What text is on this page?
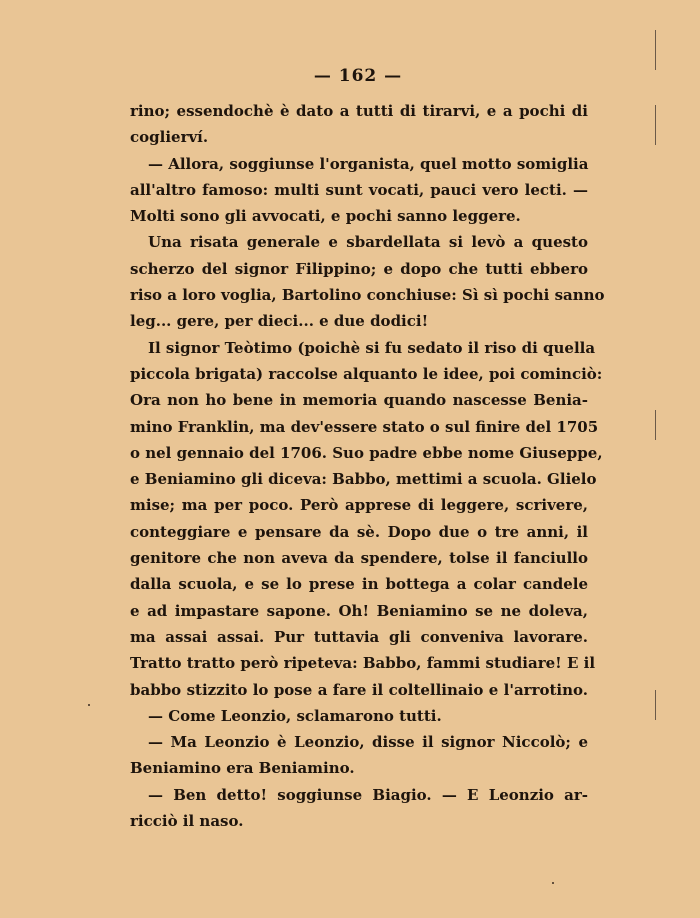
— 162 —
rino; essendochè è dato a tutti di tirarvi, e a pochi di
coglierví.
— Allora, soggiunse l'organista, quel motto somiglia
all'altro famoso: multi sunt vocati, pauci vero lecti. —
Molti sono gli avvocati, e pochi sanno leggere.
Una risata generale e sbardellata si levò a questo
scherzo del signor Filippino; e dopo che tutti ebbero
riso a loro voglia, Bartolino conchiuse: Sì sì pochi sanno
leg... gere, per dieci... e due dodici!
Il signor Teòtimo (poichè si fu sedato il riso di quella
piccola brigata) raccolse alquanto le idee, poi cominciò:
Ora non ho bene in memoria quando nascesse Benia-
mino Franklin, ma dev'essere stato o sul finire del 1705
o nel gennaio del 1706. Suo padre ebbe nome Giuseppe,
e Beniamino gli diceva: Babbo, mettimi a scuola. Glielo
mise; ma per poco. Però apprese di leggere, scrivere,
conteggiare e pensare da sè. Dopo due o tre anni, il
genitore che non aveva da spendere, tolse il fanciullo
dalla scuola, e se lo prese in bottega a colar candele
e ad impastare sapone. Oh! Beniamino se ne doleva,
ma assai assai. Pur tuttavia gli conveniva lavorare.
Tratto tratto però ripeteva: Babbo, fammi studiare! E il
babbo stizzito lo pose a fare il coltellinaio e l'arrotino.
— Come Leonzio, sclamarono tutti.
— Ma Leonzio è Leonzio, disse il signor Niccolò; e
Beniamino era Beniamino.
— Ben detto! soggiunse Biagio. — E Leonzio ar-
ricciò il naso.
